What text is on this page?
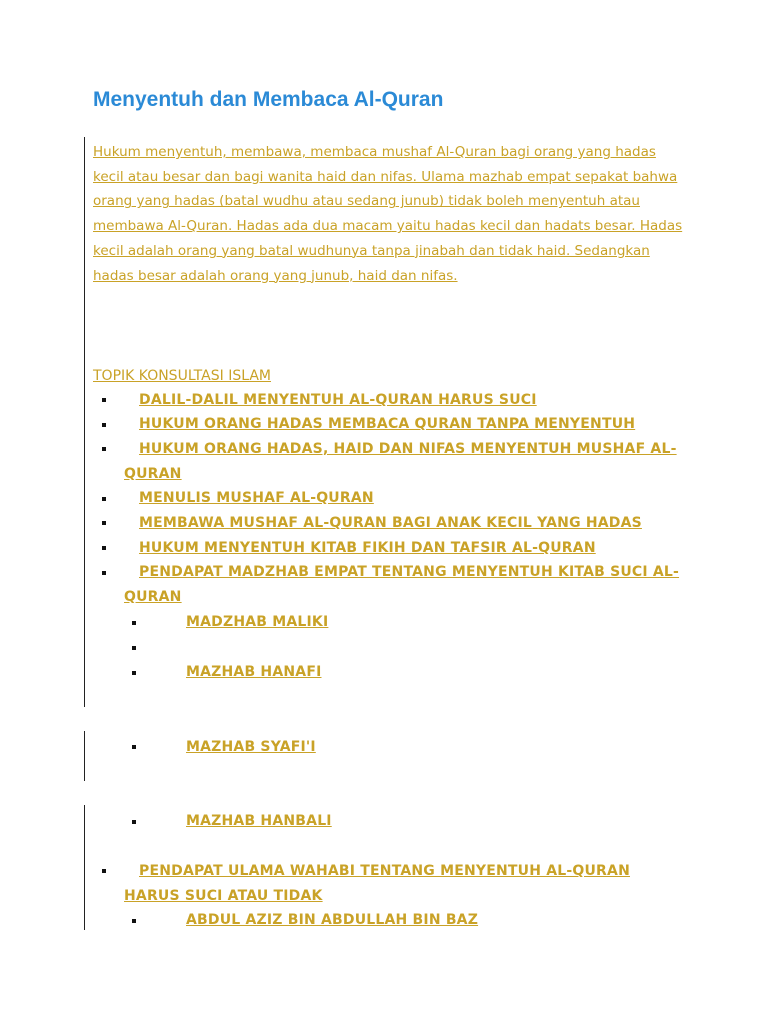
Menyentuh dan Membaca Al-Quran

Hukum menyentuh, membawa, membaca mushaf Al-Quran bagi orang yang hadas kecil atau besar dan bagi wanita haid dan nifas. Ulama mazhab empat sepakat bahwa orang yang hadas (batal wudhu atau sedang junub) tidak boleh menyentuh atau membawa Al-Quran. Hadas ada dua macam yaitu hadas kecil dan hadats besar. Hadas kecil adalah orang yang batal wudhunya tanpa jinabah dan tidak haid. Sedangkan hadas besar adalah orang yang junub, haid dan nifas.

TOPIK KONSULTASI ISLAM
DALIL-DALIL MENYENTUH AL-QURAN HARUS SUCI
HUKUM ORANG HADAS MEMBACA QURAN TANPA MENYENTUH
HUKUM ORANG HADAS, HAID DAN NIFAS MENYENTUH MUSHAF AL-QURAN
MENULIS MUSHAF AL-QURAN
MEMBAWA MUSHAF AL-QURAN BAGI ANAK KECIL YANG HADAS
HUKUM MENYENTUH KITAB FIKIH DAN TAFSIR AL-QURAN
PENDAPAT MADZHAB EMPAT TENTANG MENYENTUH KITAB SUCI AL-QURAN
MADZHAB MALIKI
MAZHAB HANAFI
MAZHAB SYAFI'I
MAZHAB HANBALI
PENDAPAT ULAMA WAHABI TENTANG MENYENTUH AL-QURAN HARUS SUCI ATAU TIDAK
ABDUL AZIZ BIN ABDULLAH BIN BAZ
